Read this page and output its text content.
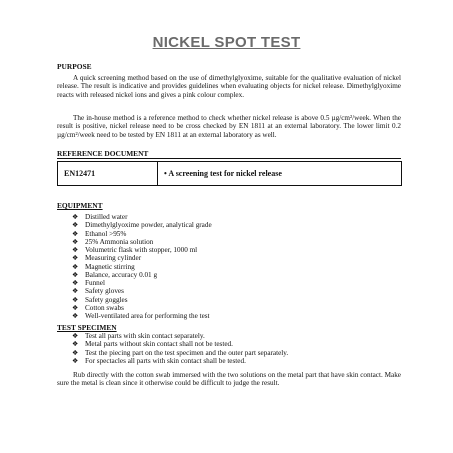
NICKEL SPOT TEST
PURPOSE
A quick screening method based on the use of dimethylglyoxime, suitable for the qualitative evaluation of nickel release. The result is indicative and provides guidelines when evaluating objects for nickel release. Dimethylglyoxime reacts with released nickel ions and gives a pink colour complex.
The in-house method is a reference method to check whether nickel release is above 0.5 µg/cm²/week. When the result is positive, nickel release need to be cross checked by EN 1811 at an external laboratory. The lower limit 0.2 µg/cm²/week need to be tested by EN 1811 at an external laboratory as well.
REFERENCE DOCUMENT
EN12471	• A screening test for nickel release
EQUIPMENT
❖ Distilled water
❖ Dimethylglyoxime powder, analytical grade
❖ Ethanol >95%
❖ 25% Ammonia solution
❖ Volumetric flask with stopper, 1000 ml
❖ Measuring cylinder
❖ Magnetic stirring
❖ Balance, accuracy 0.01 g
❖ Funnel
❖ Safety gloves
❖ Safety goggles
❖ Cotton swabs
❖ Well-ventilated area for performing the test
TEST SPECIMEN
❖ Test all parts with skin contact separately.
❖ Metal parts without skin contact shall not be tested.
❖ Test the piecing part on the test specimen and the outer part separately.
❖ For spectacles all parts with skin contact shall be tested.
Rub directly with the cotton swab immersed with the two solutions on the metal part that have skin contact. Make sure the metal is clean since it otherwise could be difficult to judge the result.
